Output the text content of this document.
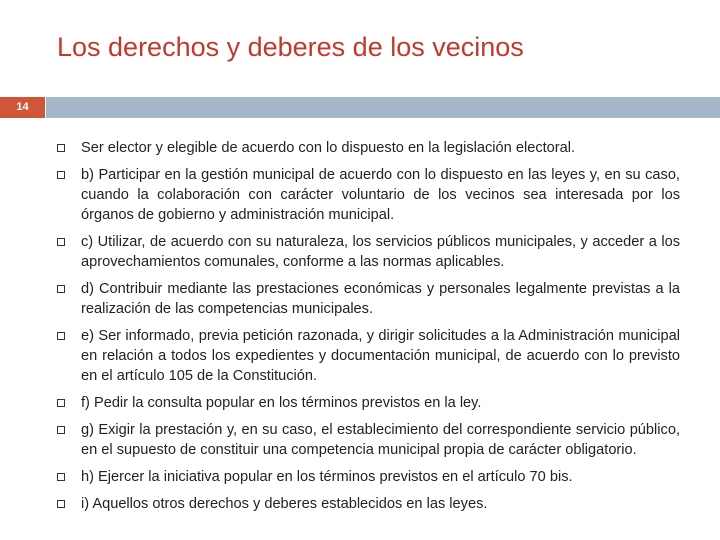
Los derechos y deberes de los vecinos
14
Ser elector y elegible de acuerdo con lo dispuesto en la legislación electoral.
b) Participar en la gestión municipal de acuerdo con lo dispuesto en las leyes y, en su caso, cuando la colaboración con carácter voluntario de los vecinos sea interesada por los órganos de gobierno y administración municipal.
c) Utilizar, de acuerdo con su naturaleza, los servicios públicos municipales, y acceder a los aprovechamientos comunales, conforme a las normas aplicables.
d) Contribuir mediante las prestaciones económicas y personales legalmente previstas a la realización de las competencias municipales.
e) Ser informado, previa petición razonada, y dirigir solicitudes a la Administración municipal en relación a todos los expedientes y documentación municipal, de acuerdo con lo previsto en el artículo 105 de la Constitución.
f) Pedir la consulta popular en los términos previstos en la ley.
g) Exigir la prestación y, en su caso, el establecimiento del correspondiente servicio público, en el supuesto de constituir una competencia municipal propia de carácter obligatorio.
h) Ejercer la iniciativa popular en los términos previstos en el artículo 70 bis.
i) Aquellos otros derechos y deberes establecidos en las leyes.
